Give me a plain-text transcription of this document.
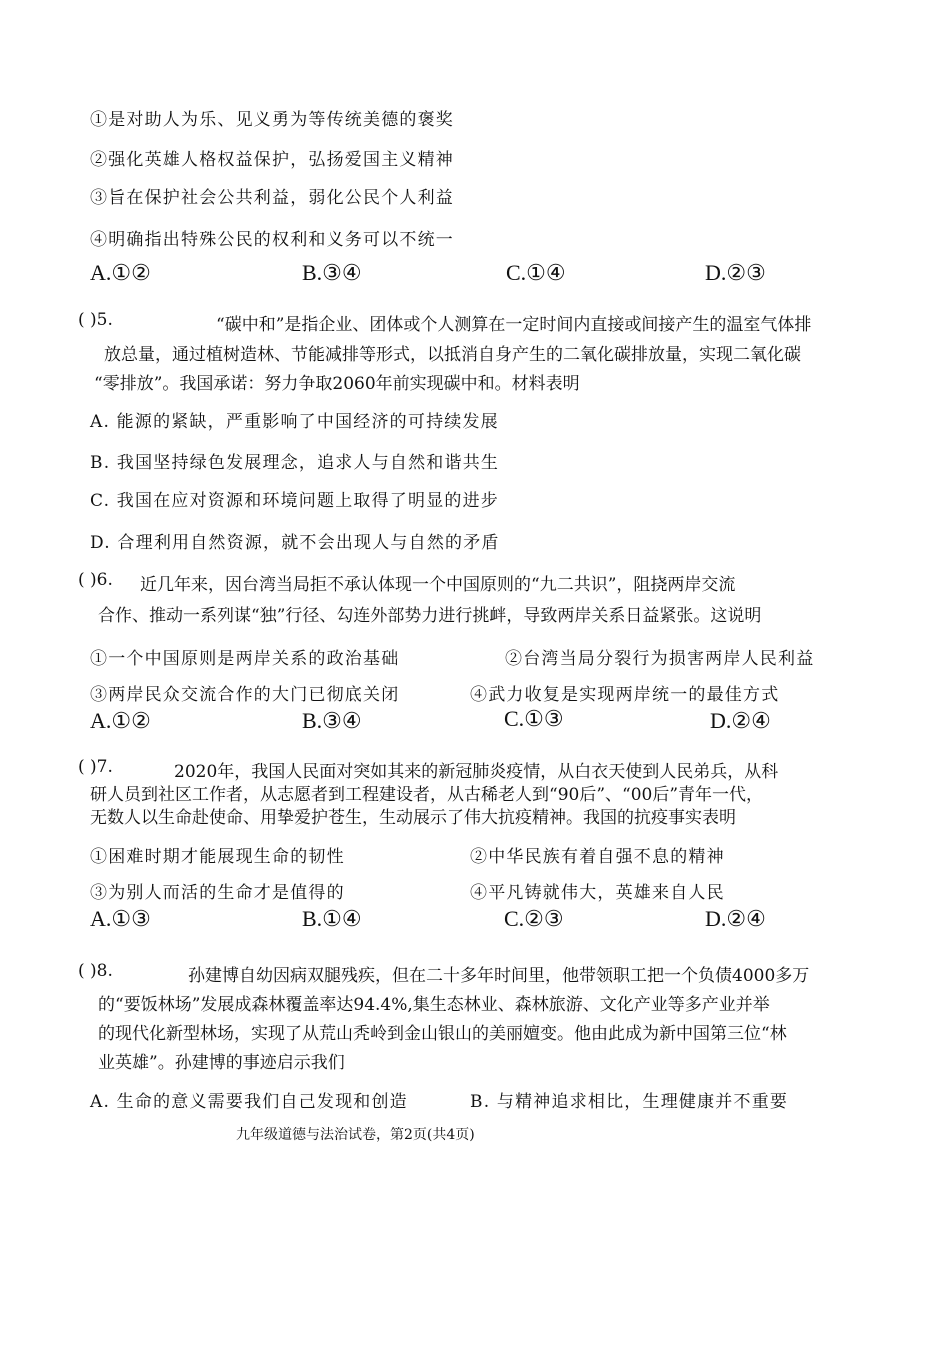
①是对助人为乐、见义勇为等传统美德的褒奖
②强化英雄人格权益保护，弘扬爱国主义精神
③旨在保护社会公共利益，弱化公民个人利益
④明确指出特殊公民的权利和义务可以不统一
A.①②	B.③④	C.①④	D.②③
( )5.	“碳中和”是指企业、团体或个人测算在一定时间内直接或间接产生的温室气体排
放总量，通过植树造林、节能减排等形式，以抵消自身产生的二氧化碳排放量，实现二氧化碳
“零排放”。我国承诺：努力争取2060年前实现碳中和。材料表明
A. 能源的紧缺，严重影响了中国经济的可持续发展
B. 我国坚持绿色发展理念，追求人与自然和谐共生
C. 我国在应对资源和环境问题上取得了明显的进步
D. 合理利用自然资源，就不会出现人与自然的矛盾
( )6. 近几年来，因台湾当局拒不承认体现一个中国原则的“九二共识”，阻挠两岸交流
合作、推动一系列谋“独”行径、勾连外部势力进行挑衅，导致两岸关系日益紧张。这说明
①一个中国原则是两岸关系的政治基础	②台湾当局分裂行为损害两岸人民利益
③两岸民众交流合作的大门已彻底关闭	④武力收复是实现两岸统一的最佳方式
A.①②	B.③④	C.①③	D.②④
( )7.	2020年，我国人民面对突如其来的新冠肺炎疫情，从白衣天使到人民弟兵，从科
研人员到社区工作者，从志愿者到工程建设者，从古稀老人到“90后”、“00后”青年一代，
无数人以生命赴使命、用挚爱护苍生，生动展示了伟大抗疫精神。我国的抗疫事实表明
①困难时期才能展现生命的韧性	②中华民族有着自强不息的精神
③为别人而活的生命才是值得的	④平凡铸就伟大，英雄来自人民
A.①③	B.①④	C.②③	D.②④
( )8.	孙建博自幼因病双腿残疾，但在二十多年时间里，他带领职工把一个负债4000多万
的“要饭林场”发展成森林覆盖率达94.4%,集生态林业、森林旅游、文化产业等多产业并举
的现代化新型林场，实现了从荒山秃岭到金山银山的美丽嬗变。他由此成为新中国第三位“林
业英雄”。孙建博的事迹启示我们
A. 生命的意义需要我们自己发现和创造	B. 与精神追求相比，生理健康并不重要
九年级道德与法治试卷，第2页(共4页)
